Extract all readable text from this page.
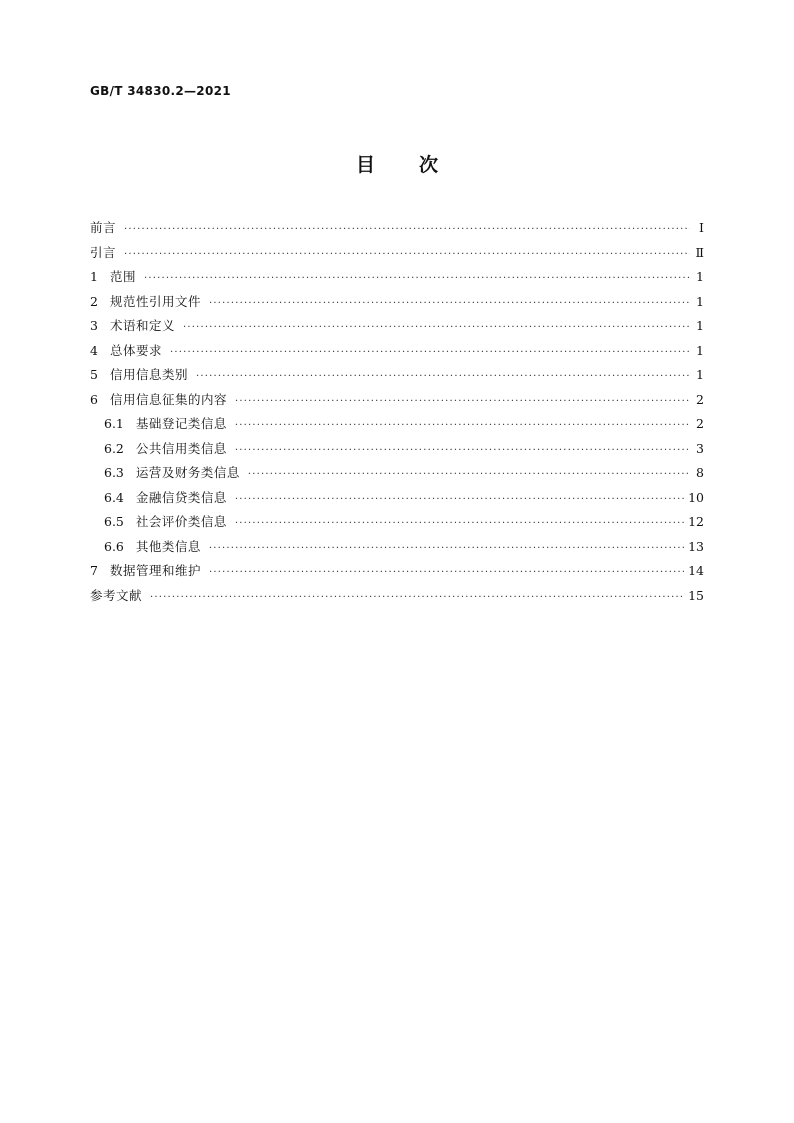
GB/T 34830.2—2021
目 次
前言 ·····	Ⅰ
引言 ·····	Ⅱ
1 范围 ·····	1
2 规范性引用文件 ·····	1
3 术语和定义 ·····	1
4 总体要求 ·····	1
5 信用信息类别 ·····	1
6 信用信息征集的内容 ·····	2
6.1 基础登记类信息 ·····	2
6.2 公共信用类信息 ·····	3
6.3 运营及财务类信息 ·····	8
6.4 金融信贷类信息 ·····	10
6.5 社会评价类信息 ·····	12
6.6 其他类信息 ·····	13
7 数据管理和维护 ·····	14
参考文献 ·····	15
